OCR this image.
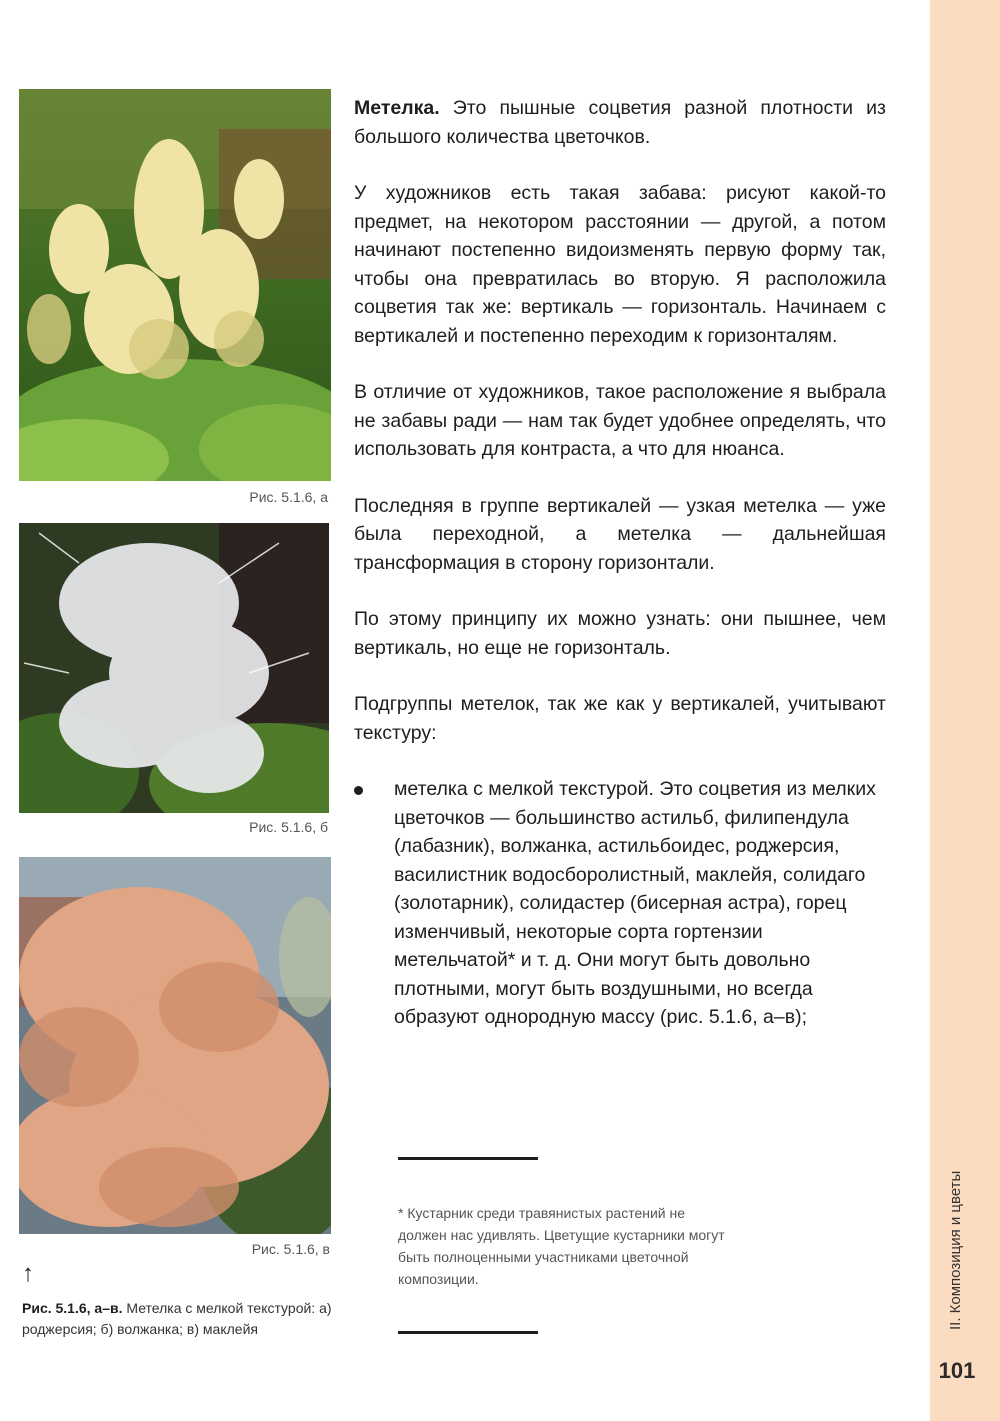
II. Композиция и цветы
101
Рис. 5.1.6, а
Рис. 5.1.6, б
Рис. 5.1.6, в
↑
Рис. 5.1.6, а–в. Метелка с мелкой текстурой: а) роджерсия; б) волжанка; в) маклейя

Метелка. Это пышные соцветия разной плотности из большого количества цветочков.

У художников есть такая забава: рисуют какой-то предмет, на некотором расстоянии — другой, а потом начинают постепенно видоизменять первую форму так, чтобы она превратилась во вторую. Я расположила соцветия так же: вертикаль — горизонталь. Начинаем с вертикалей и постепенно переходим к горизонталям.

В отличие от художников, такое расположение я выбрала не забавы ради — нам так будет удобнее определять, что использовать для контраста, а что для нюанса.

Последняя в группе вертикалей — узкая метелка — уже была переходной, а метелка — дальнейшая трансформация в сторону горизонтали.

По этому принципу их можно узнать: они пышнее, чем вертикаль, но еще не горизонталь.

Подгруппы метелок, так же как у вертикалей, учитывают текстуру:

метелка с мелкой текстурой. Это соцветия из мелких цветочков — большинство астильб, филипендула (лабазник), волжанка, астильбоидес, роджерсия, василистник водосборолистный, маклейя, солидаго (золотарник), солидастер (бисерная астра), горец изменчивый, некоторые сорта гортензии метельчатой* и т. д. Они могут быть довольно плотными, могут быть воздушными, но всегда образуют однородную массу (рис. 5.1.6, а–в);
* Кустарник среди травянистых растений не должен нас удивлять. Цветущие кустарники могут быть полноценными участниками цветочной композиции.
